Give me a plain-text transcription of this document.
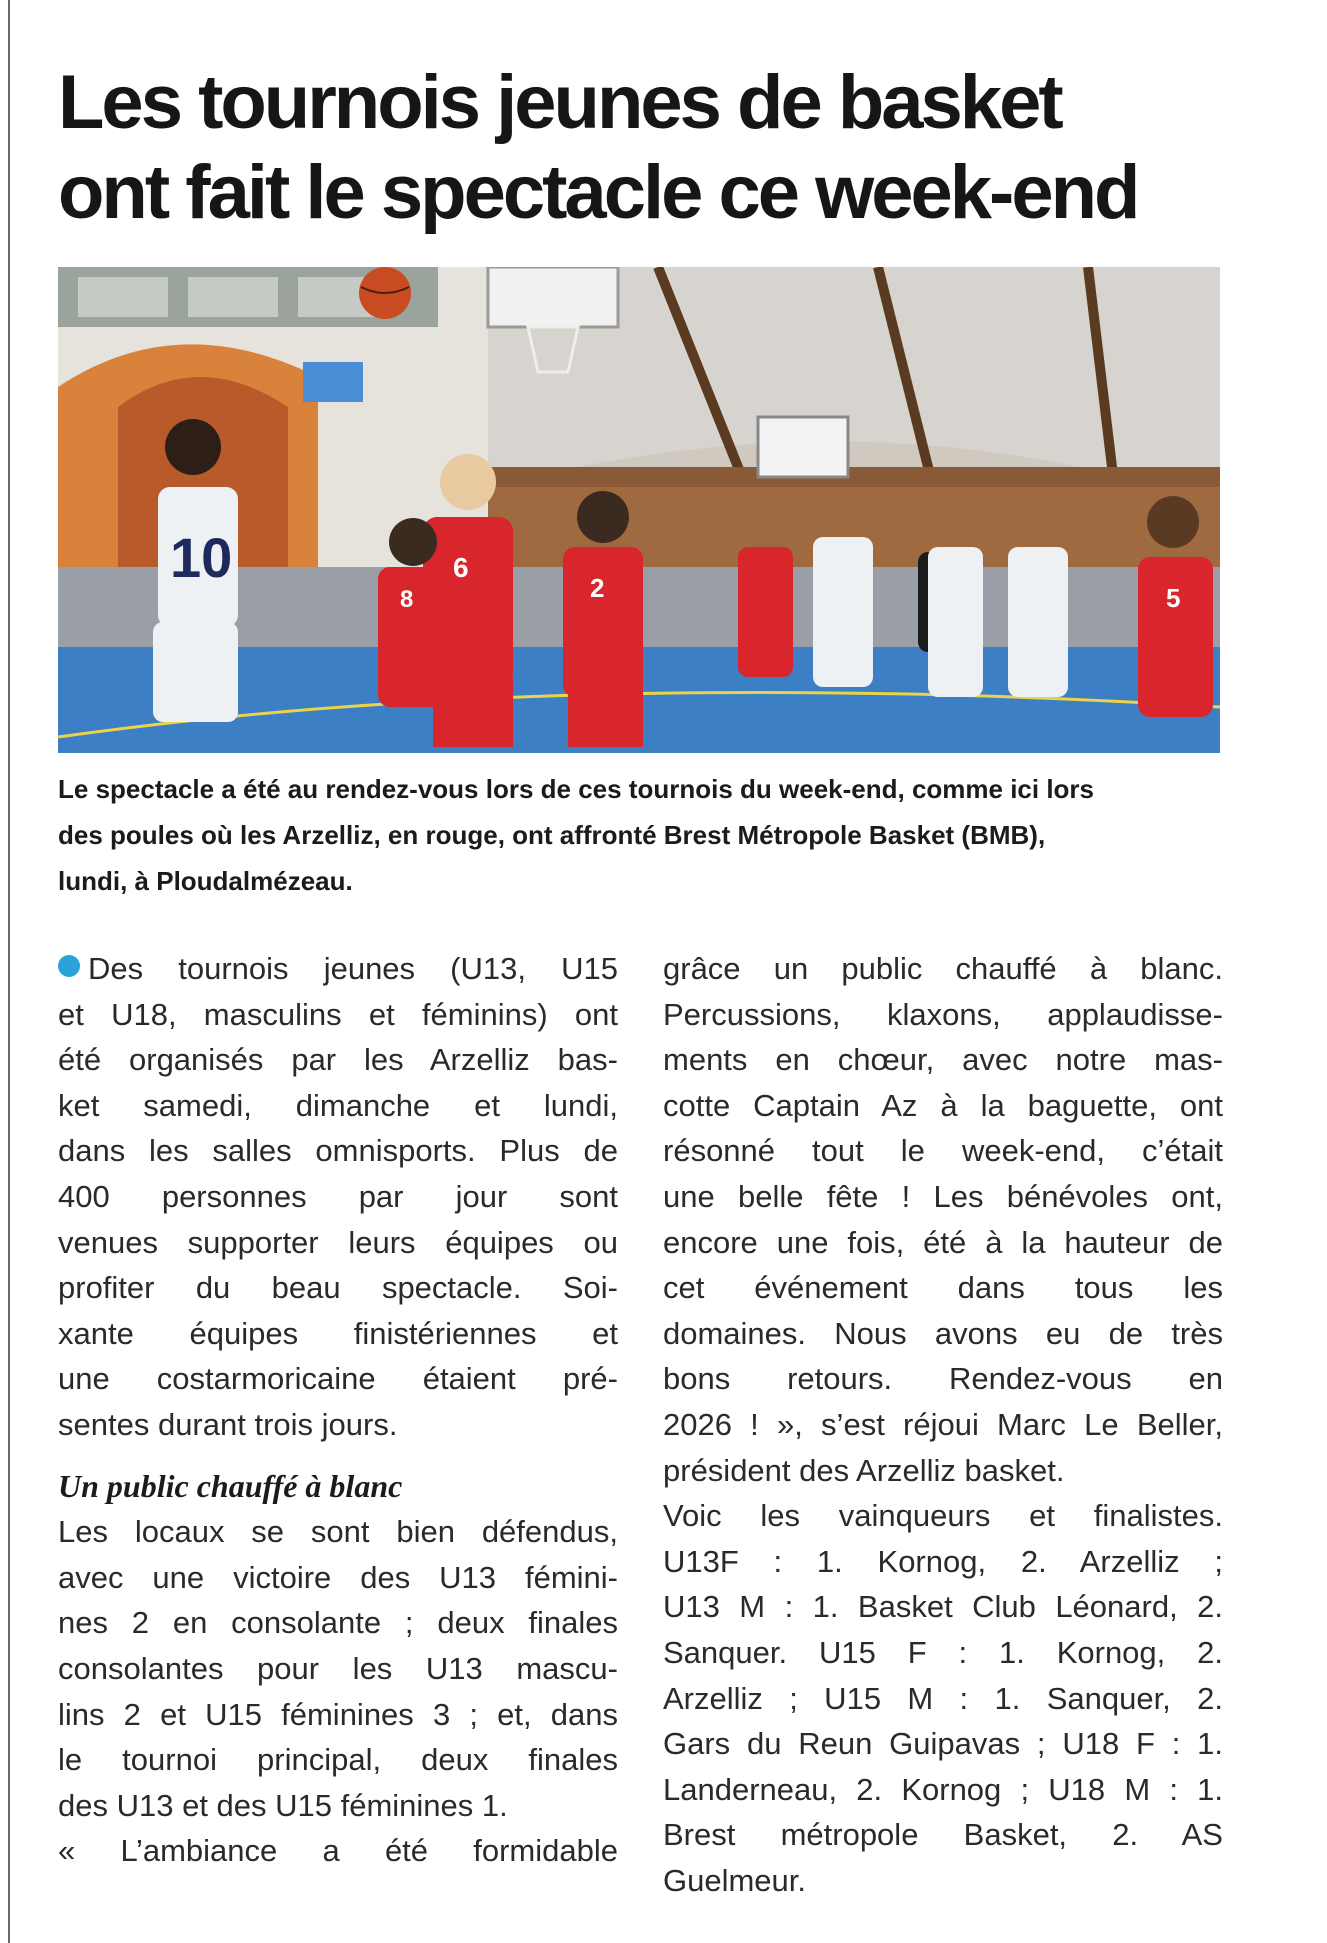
Les tournois jeunes de basket
ont fait le spectacle ce week-end
10	6
8	2	5

Le spectacle a été au rendez-vous lors de ces tournois du week-end, comme ici lors
des poules où les Arzelliz, en rouge, ont affronté Brest Métropole Basket (BMB),
lundi, à Ploudalmézeau.

Des tournois jeunes (U13, U15
et U18, masculins et féminins) ont
été organisés par les Arzelliz bas-
ket samedi, dimanche et lundi,
dans les salles omnisports. Plus de
400 personnes par jour sont
venues supporter leurs équipes ou
profiter du beau spectacle. Soi-
xante équipes finistériennes et
une costarmoricaine étaient pré-
sentes durant trois jours.
Un public chauffé à blanc
Les locaux se sont bien défendus,
avec une victoire des U13 fémini-
nes 2 en consolante ; deux finales
consolantes pour les U13 mascu-
lins 2 et U15 féminines 3 ; et, dans
le tournoi principal, deux finales
des U13 et des U15 féminines 1.
« L’ambiance a été formidable
grâce un public chauffé à blanc.
Percussions, klaxons, applaudisse-
ments en chœur, avec notre mas-
cotte Captain Az à la baguette, ont
résonné tout le week-end, c’était
une belle fête ! Les bénévoles ont,
encore une fois, été à la hauteur de
cet événement dans tous les
domaines. Nous avons eu de très
bons retours. Rendez-vous en
2026 ! », s’est réjoui Marc Le Beller,
président des Arzelliz basket.
Voic les vainqueurs et finalistes.
U13F : 1. Kornog, 2. Arzelliz ;
U13 M : 1. Basket Club Léonard, 2.
Sanquer. U15 F : 1. Kornog, 2.
Arzelliz ; U15 M : 1. Sanquer, 2.
Gars du Reun Guipavas ; U18 F : 1.
Landerneau, 2. Kornog ; U18 M : 1.
Brest métropole Basket, 2. AS
Guelmeur.
